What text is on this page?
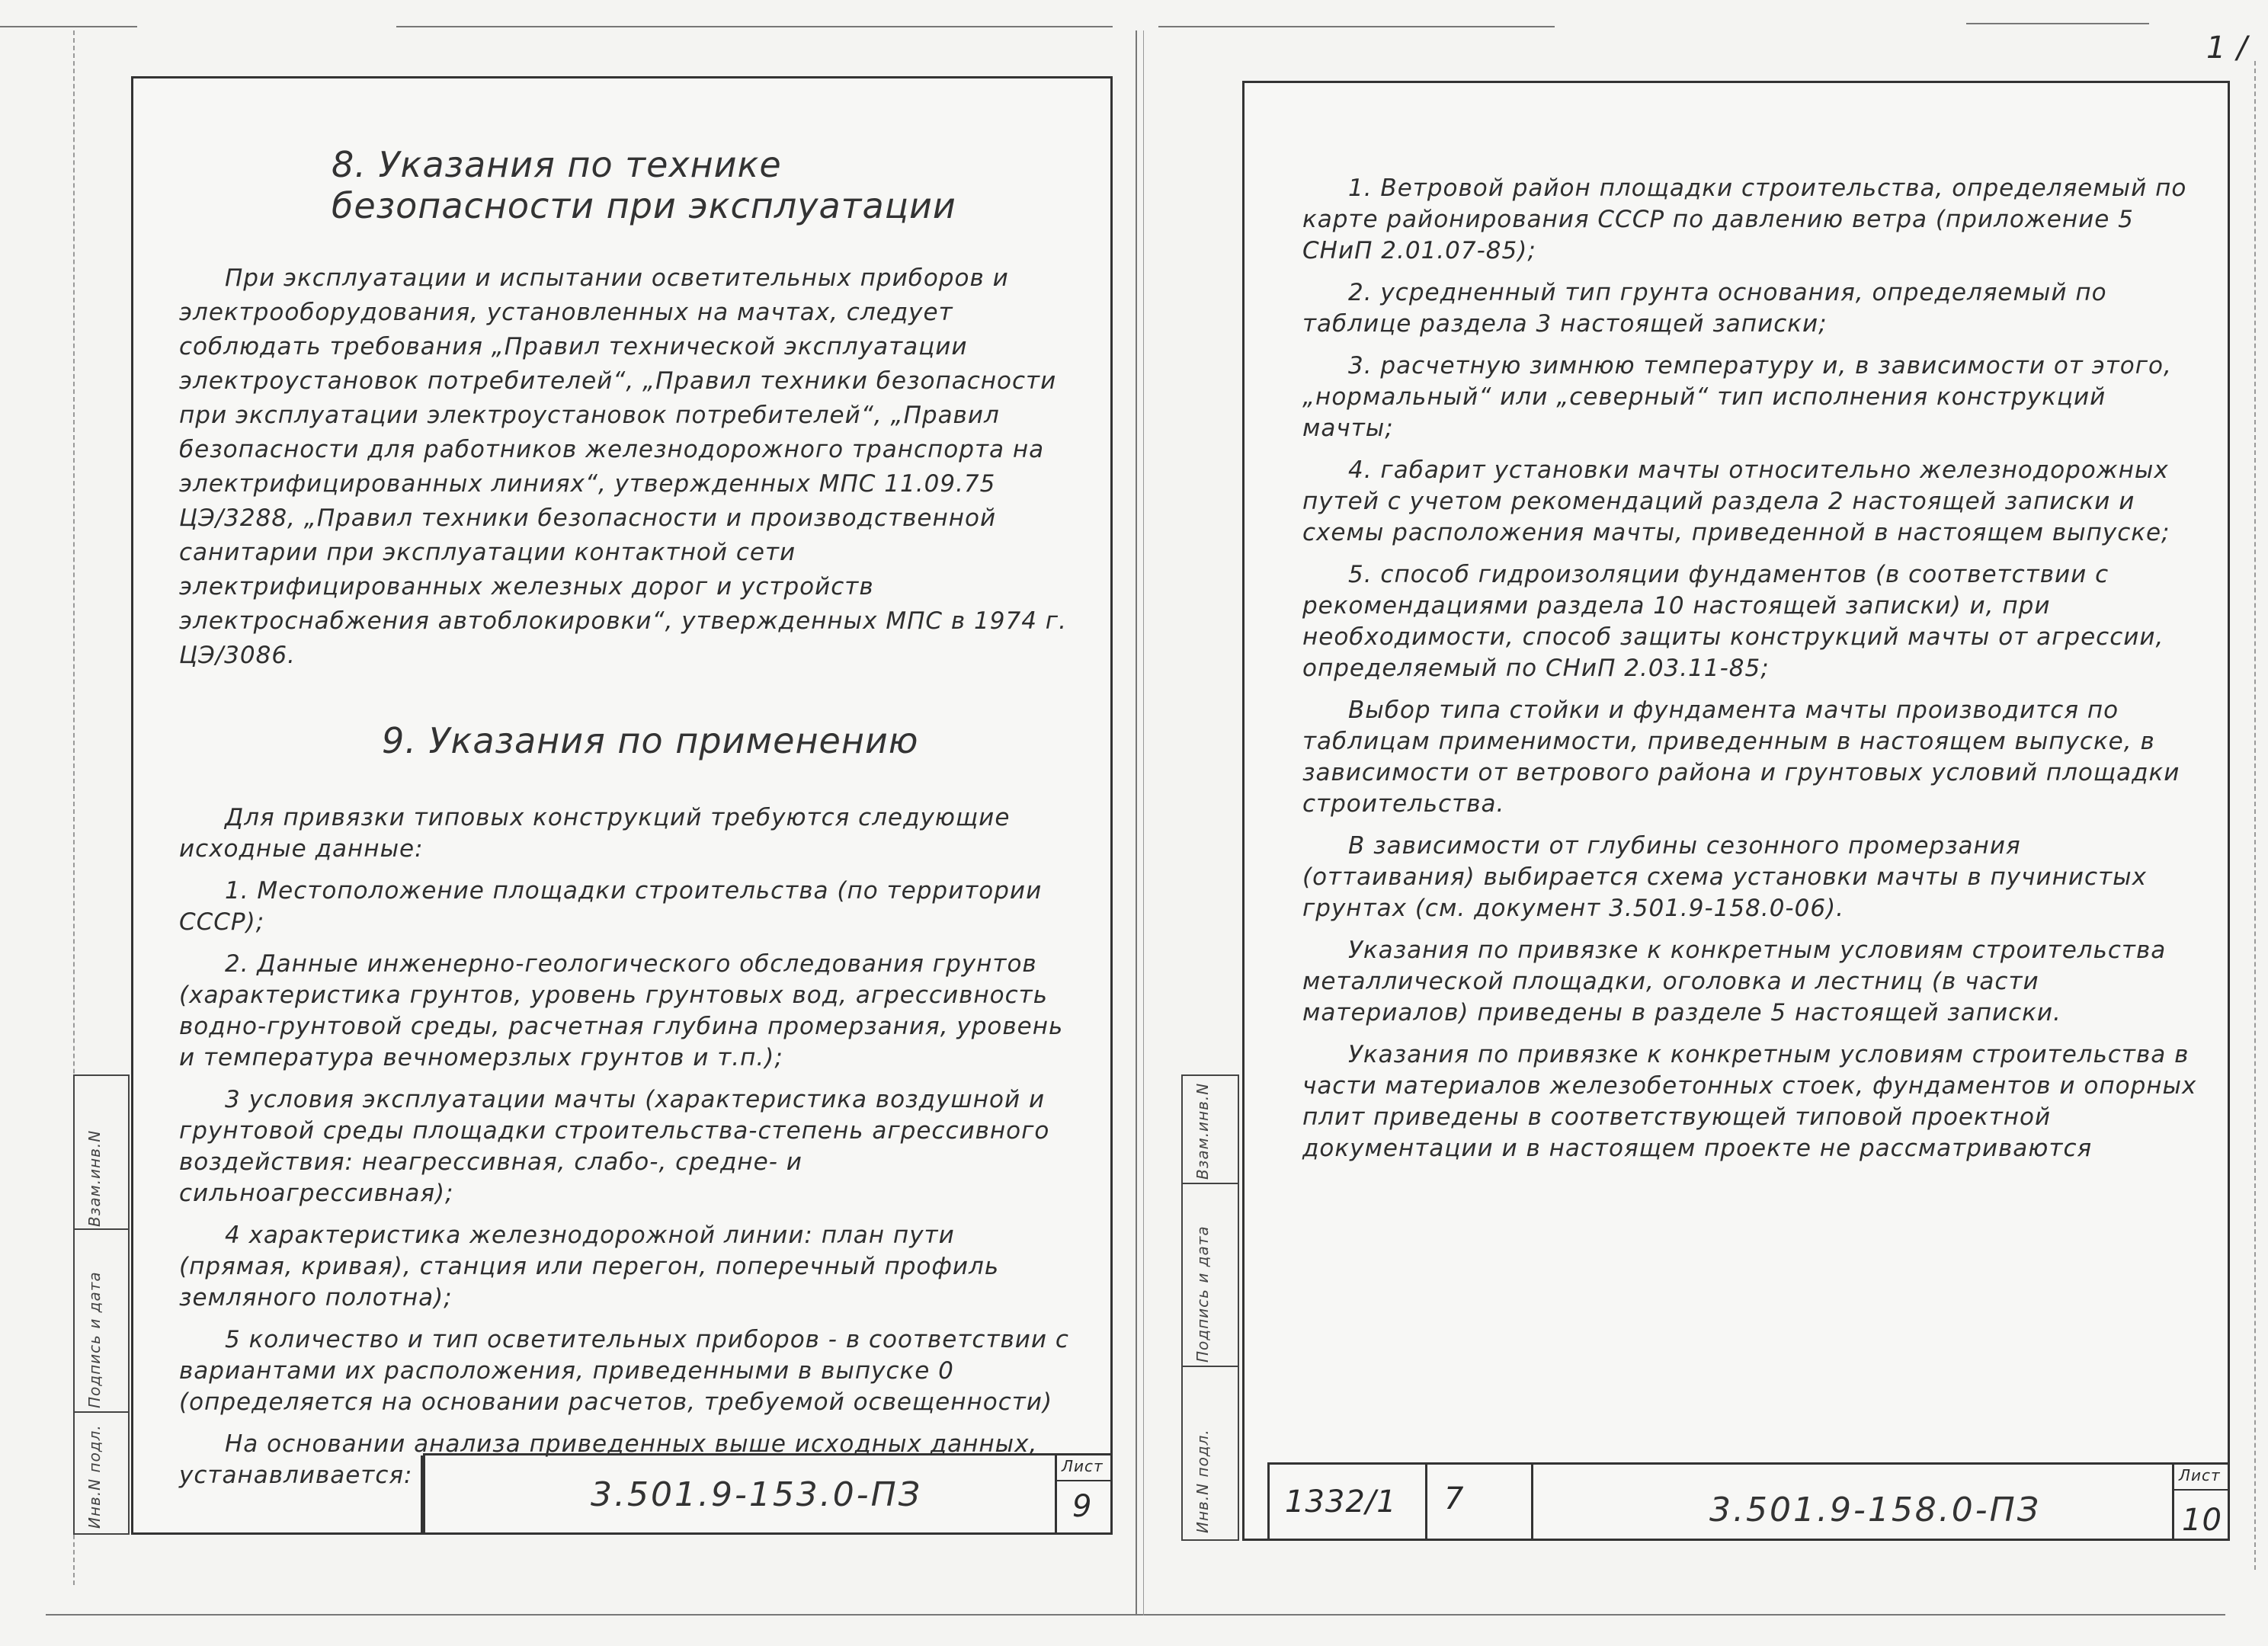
1 /
8. Указания по технике
безопасности при эксплуатации

При эксплуатации и испытании осветительных приборов и электрооборудования, установленных на мачтах, следует соблюдать требования „Правил технической эксплуатации электроустановок потребителей“, „Правил техники безопасности при эксплуатации электроустановок потребителей“, „Правил безопасности для работников железнодорожного транспорта на электрифицированных линиях“, утвержденных МПС 11.09.75 ЦЭ/3288, „Правил техники безопасности и производственной санитарии при эксплуатации контактной сети электрифицированных железных дорог и устройств электроснабжения автоблокировки“, утвержденных МПС в 1974 г. ЦЭ/3086.

9. Указания по применению

Для привязки типовых конструкций требуются следующие исходные данные:

1. Местоположение площадки строительства (по территории СССР);

2. Данные инженерно-геологического обследования грунтов (характеристика грунтов, уровень грунтовых вод, агрессивность водно-грунтовой среды, расчетная глубина промерзания, уровень и температура вечномерзлых грунтов и т.п.);

3 условия эксплуатации мачты (характеристика воздушной и грунтовой среды площадки строительства-степень агрессивного воздействия: неагрессивная, слабо-, средне- и сильноагрессивная);

4 характеристика железнодорожной линии: план пути (прямая, кривая), станция или перегон, поперечный профиль земляного полотна);

5 количество и тип осветительных приборов - в соответствии с вариантами их расположения, приведенными в выпуске 0 (определяется на основании расчетов, требуемой освещенности)

На основании анализа приведенных выше исходных данных, устанавливается:	3.501.9-153.0-ПЗ
Лист
9
Взам.инв.N
Подпись и дата
Инв.N подл.

1. Ветровой район площадки строительства, определяемый по карте районирования СССР по давлению ветра (приложение 5 СНиП 2.01.07-85);

2. усредненный тип грунта основания, определяемый по таблице раздела 3 настоящей записки;

3. расчетную зимнюю температуру и, в зависимости от этого, „нормальный“ или „северный“ тип исполнения конструкций мачты;

4. габарит установки мачты относительно железнодорожных путей с учетом рекомендаций раздела 2 настоящей записки и схемы расположения мачты, приведенной в настоящем выпуске;

5. способ гидроизоляции фундаментов (в соответствии с рекомендациями раздела 10 настоящей записки) и, при необходимости, способ защиты конструкций мачты от агрессии, определяемый по СНиП 2.03.11-85;

Выбор типа стойки и фундамента мачты производится по таблицам применимости, приведенным в настоящем выпуске, в зависимости от ветрового района и грунтовых условий площадки строительства.

В зависимости от глубины сезонного промерзания (оттаивания) выбирается схема установки мачты в пучинистых грунтах (см. документ 3.501.9-158.0-06).

Указания по привязке к конкретным условиям строительства металлической площадки, оголовка и лестниц (в части материалов) приведены в разделе 5 настоящей записки.

Указания по привязке к конкретным условиям строительства в части материалов железобетонных стоек, фундаментов и опорных плит приведены в соответствующей типовой проектной документации и в настоящем проекте не рассматриваются

1332/1 7	3.501.9-158.0-ПЗ
Лист
10
Взам.инв.N
Подпись и дата
Инв.N подл.
